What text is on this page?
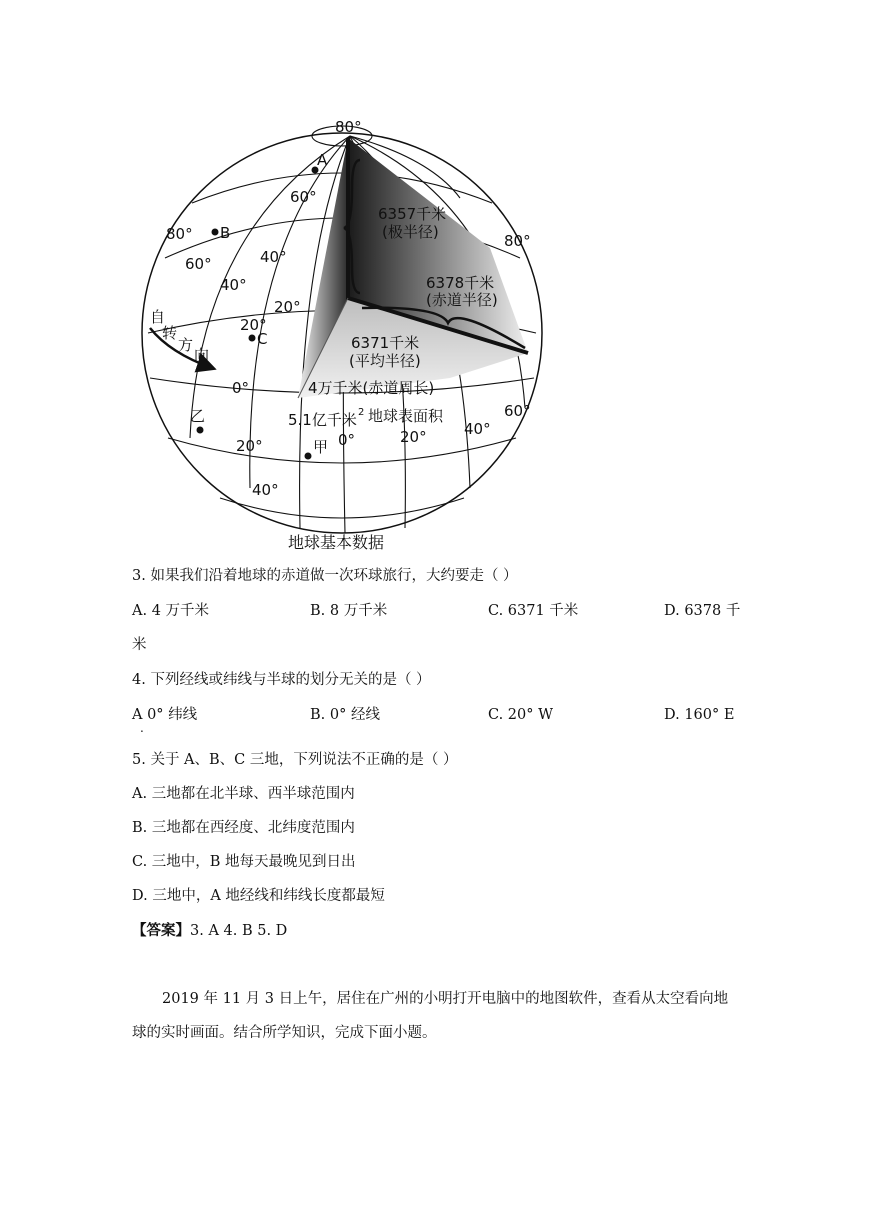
80°
A
B
C
乙
甲
60°
80°
60°	40°
40°
20°
20°
自
转
方
向
0°
80°
6357千米
(极半径)
6378千米
(赤道半径)
6371千米
(平均半径)
4万千米(赤道周长)
5.1亿千米 2 地球表面积
0°	20° 40°
60°
20°
40°
地球基本数据
3. 如果我们沿着地球的赤道做一次环球旅行，大约要走（ ）
A. 4 万千米	B. 8 万千米	C. 6371 千米	D. 6378 千
米
4. 下列经线或纬线与半球的划分无关的是（ ）
A 0° 纬线	B. 0° 经线	C. 20° W	D. 160° E
.
5. 关于 A、B、C 三地，下列说法不正确的是（ ）
A. 三地都在北半球、西半球范围内
B. 三地都在西经度、北纬度范围内
C. 三地中，B 地每天最晚见到日出
D. 三地中，A 地经线和纬线长度都最短
【答案】3. A 4. B 5. D
2019 年 11 月 3 日上午，居住在广州的小明打开电脑中的地图软件，查看从太空看向地
球的实时画面。结合所学知识，完成下面小题。
